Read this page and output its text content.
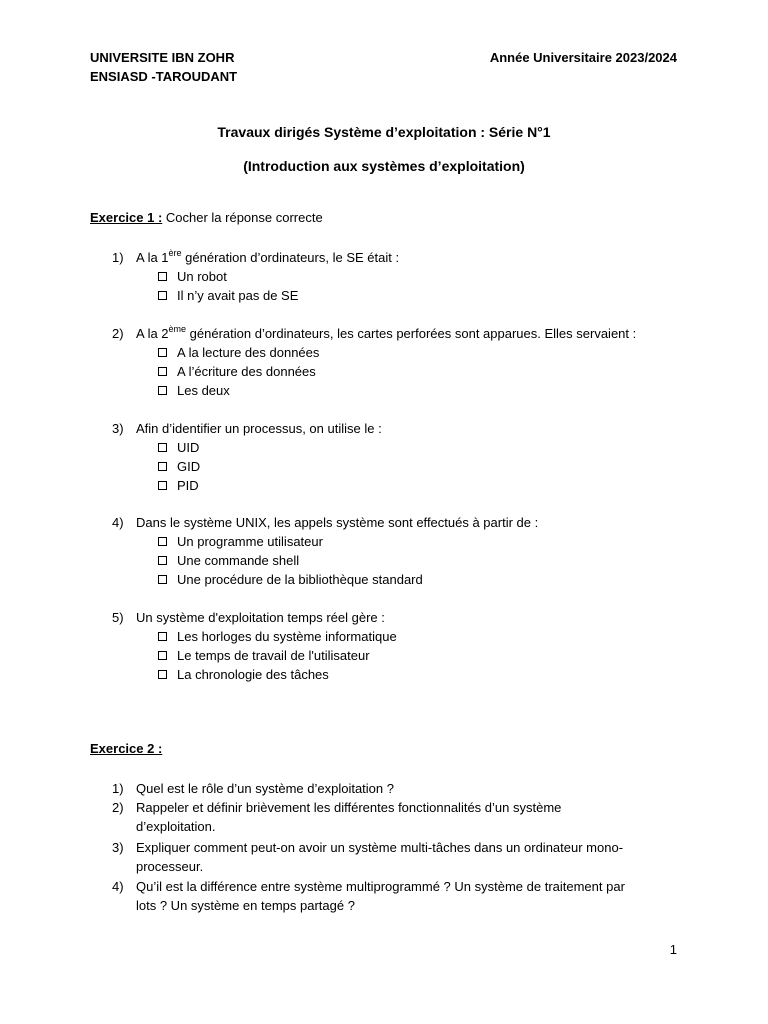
UNIVERSITE IBN ZOHR
ENSIASD -TAROUDANT
Année Universitaire 2023/2024
Travaux dirigés Système d’exploitation : Série N°1
(Introduction aux systèmes d’exploitation)
Exercice 1 : Cocher la réponse correcte
1) A la 1ère génération d’ordinateurs, le SE était :
Un robot
Il n’y avait pas de SE
2) A la 2ème génération d’ordinateurs, les cartes perforées sont apparues. Elles servaient :
A la lecture des données
A l’écriture des données
Les deux
3) Afin d’identifier un processus, on utilise le :
UID
GID
PID
4) Dans le système UNIX, les appels système sont effectués à partir de :
Un programme utilisateur
Une commande shell
Une procédure de la bibliothèque standard
5) Un système d'exploitation temps réel gère :
Les horloges du système informatique
Le temps de travail de l'utilisateur
La chronologie des tâches
Exercice 2 :
1) Quel est le rôle d’un système d’exploitation ?
2) Rappeler et définir brièvement les différentes fonctionnalités d’un système
d’exploitation.
3) Expliquer comment peut-on avoir un système multi-tâches dans un ordinateur mono-
processeur.
4) Qu’il est la différence entre système multiprogrammé ? Un système de traitement par
lots ? Un système en temps partagé ?
1
